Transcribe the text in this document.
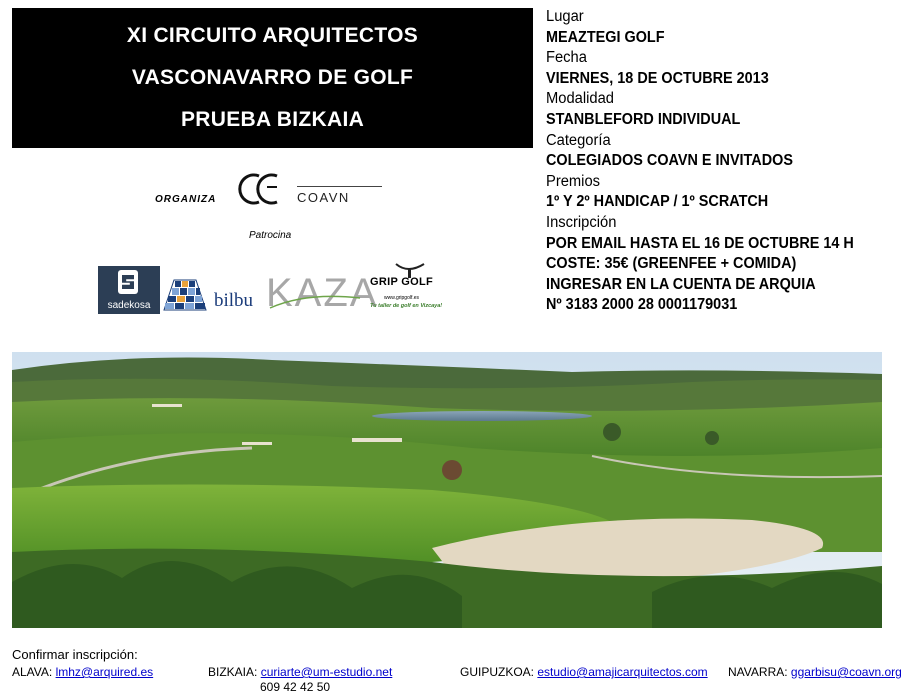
XI CIRCUITO ARQUITECTOS
VASCONAVARRO DE GOLF
PRUEBA BIZKAIA
Lugar
MEAZTEGI GOLF
Fecha
VIERNES, 18 DE OCTUBRE 2013
Modalidad
STANBLEFORD INDIVIDUAL
Categoría
COLEGIADOS COAVN E INVITADOS
Premios
1º Y 2º HANDICAP / 1º SCRATCH
Inscripción
POR EMAIL HASTA EL 16 DE OCTUBRE 14 H
COSTE: 35€ (GREENFEE + COMIDA)
INGRESAR EN LA CUENTA DE ARQUIA
Nº 3183 2000 28 0001179031
ORGANIZA	COAVN
Patrocina
sadekosa	bilbu KAZA
GRIP GOLF
www.gripgolf.es
Tu taller de golf en Vizcaya!
Confirmar inscripción:
ALAVA: lmhz@arquired.es	BIZKAIA: curiarte@um-estudio.net
609 42 42 50
GUIPUZKOA: estudio@amajicarquitectos.com NAVARRA: ggarbisu@coavn.org
